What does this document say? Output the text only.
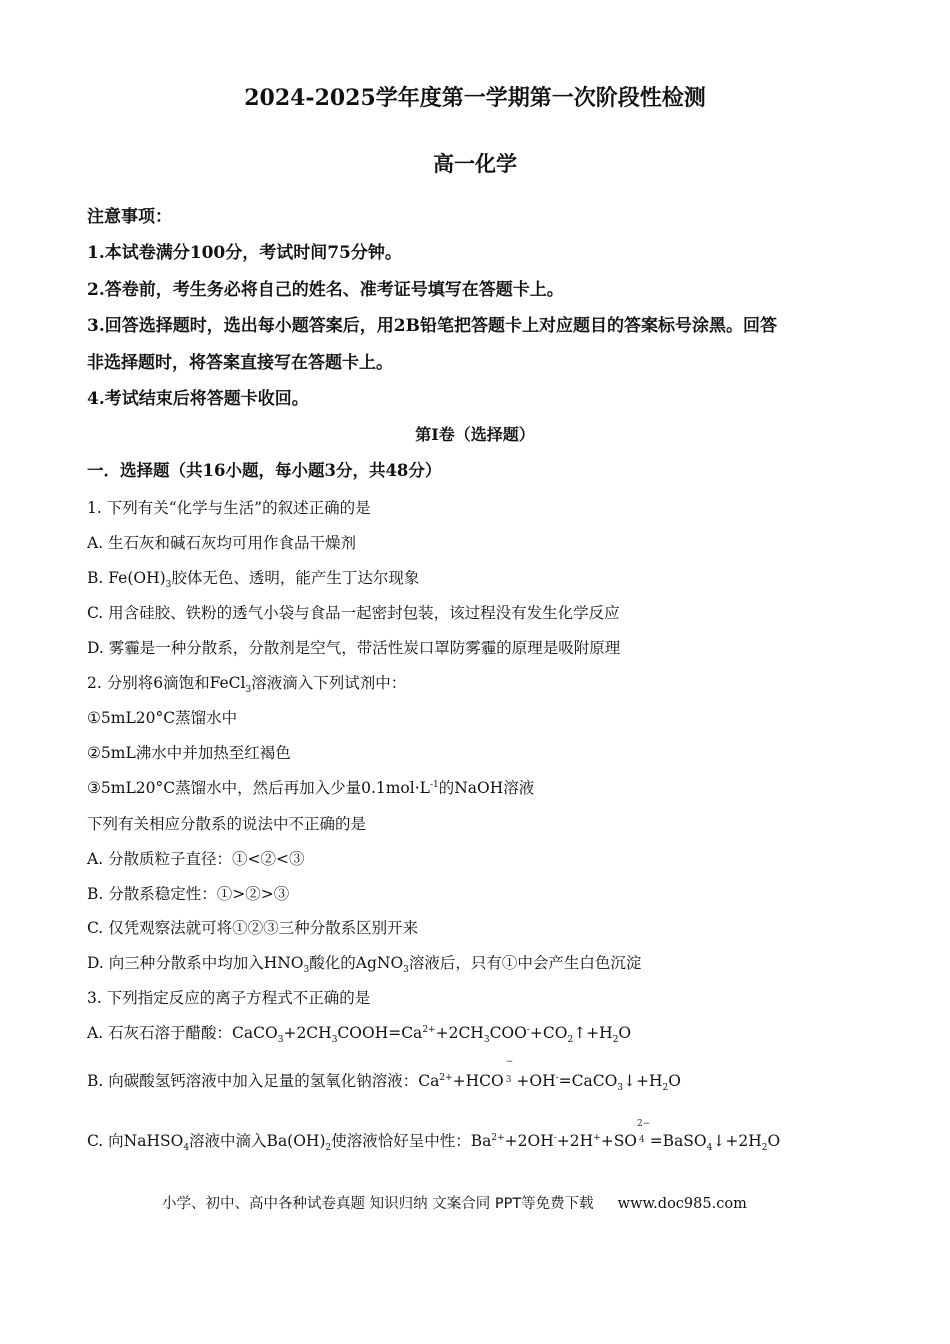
2024-2025学年度第一学期第一次阶段性检测
高一化学
注意事项：
1.本试卷满分100分，考试时间75分钟。
2.答卷前，考生务必将自己的姓名、准考证号填写在答题卡上。
3.回答选择题时，选出每小题答案后，用2B铅笔把答题卡上对应题目的答案标号涂黑。回答
非选择题时，将答案直接写在答题卡上。
4.考试结束后将答题卡收回。
第I卷（选择题）
一．选择题（共16小题，每小题3分，共48分）
1. 下列有关“化学与生活”的叙述正确的是
A. 生石灰和碱石灰均可用作食品干燥剂
B. $Fe(OH)_3$胶体无色、透明，能产生丁达尔现象
C. 用含硅胶、铁粉的透气小袋与食品一起密封包装，该过程没有发生化学反应
D. 雾霾是一种分散系，分散剂是空气，带活性炭口罩防雾霾的原理是吸附原理
2. 分别将6滴饱和FeCl$_3$溶液滴入下列试剂中：
①5mL20°C蒸馏水中
②5mL沸水中并加热至红褐色
③5mL20°C蒸馏水中，然后再加入少量$0.1mol\cdot L^{-1}$的NaOH溶液
下列有关相应分散系的说法中不正确的是
A. 分散质粒子直径：①<②<③
B. 分散系稳定性：①>②>③
C. 仅凭观察法就可将①②③三种分散系区别开来
D. 向三种分散系中均加入$HNO_3$酸化的AgNO$_3$溶液后，只有①中会产生白色沉淀
3. 下列指定反应的离子方程式不正确的是
A. 石灰石溶于醋酸：$CaCO_3+2CH_3COOH=Ca^{2+}+2CH_3COO^-+CO_2↑+H_2O$
B. 向碳酸氢钙溶液中加入足量的氢氧化钠溶液：$Ca^{2+}+HCO$
−
$3 +OH^-=CaCO_3↓+H_2O$
C. 向NaHSO$_4$溶液中滴入$Ba(OH)_2$使溶液恰好呈中性：$Ba^{2+}+2OH^-+2H^++SO$
2−
$4 =BaSO_4↓+2H_2O$
小学、初中、高中各种试卷真题 知识归纳 文案合同 PPT等免费下载 www.doc985.com
